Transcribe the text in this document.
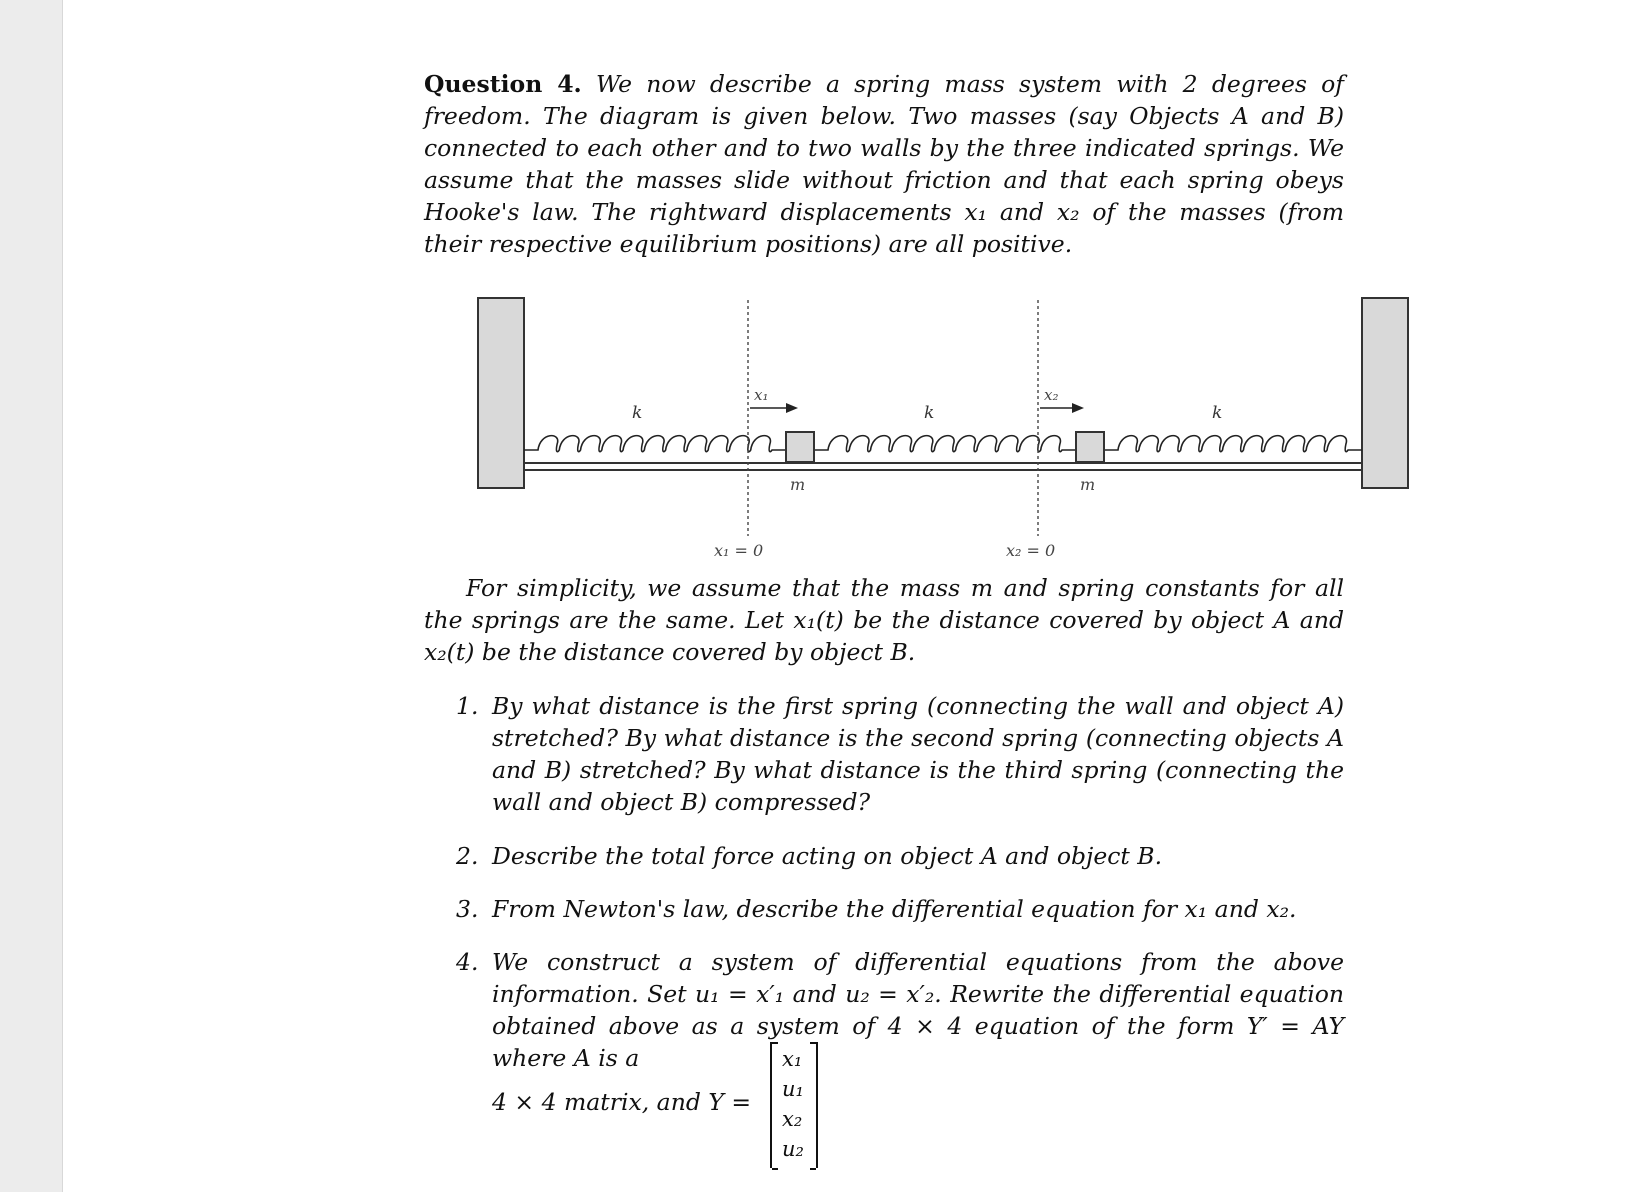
Question 4. We now describe a spring mass system with 2 degrees of freedom. The diagram is given below. Two masses (say Objects A and B) connected to each other and to two walls by the three indicated springs. We assume that the masses slide without friction and that each spring obeys Hooke's law. The rightward displacements x₁ and x₂ of the masses (from their respective equilibrium positions) are all positive.

k	k	k
m	m
x₁	x₂
x₁ = 0	x₂ = 0

For simplicity, we assume that the mass m and spring constants for all the springs are the same. Let x₁(t) be the distance covered by object A and x₂(t) be the distance covered by object B.

1. By what distance is the first spring (connecting the wall and object A) stretched? By what distance is the second spring (connecting objects A and B) stretched? By what distance is the third spring (connecting the wall and object B) compressed?
2. Describe the total force acting on object A and object B.
3. From Newton's law, describe the differential equation for x₁ and x₂.
4. We construct a system of differential equations from the above information. Set u₁ = x′₁ and u₂ = x′₂. Rewrite the differential equation obtained above as a system of 4 × 4 equation of the form Y′ = AY where A is a
4 × 4 matrix, and Y =
x₁
u₁
x₂
u₂
